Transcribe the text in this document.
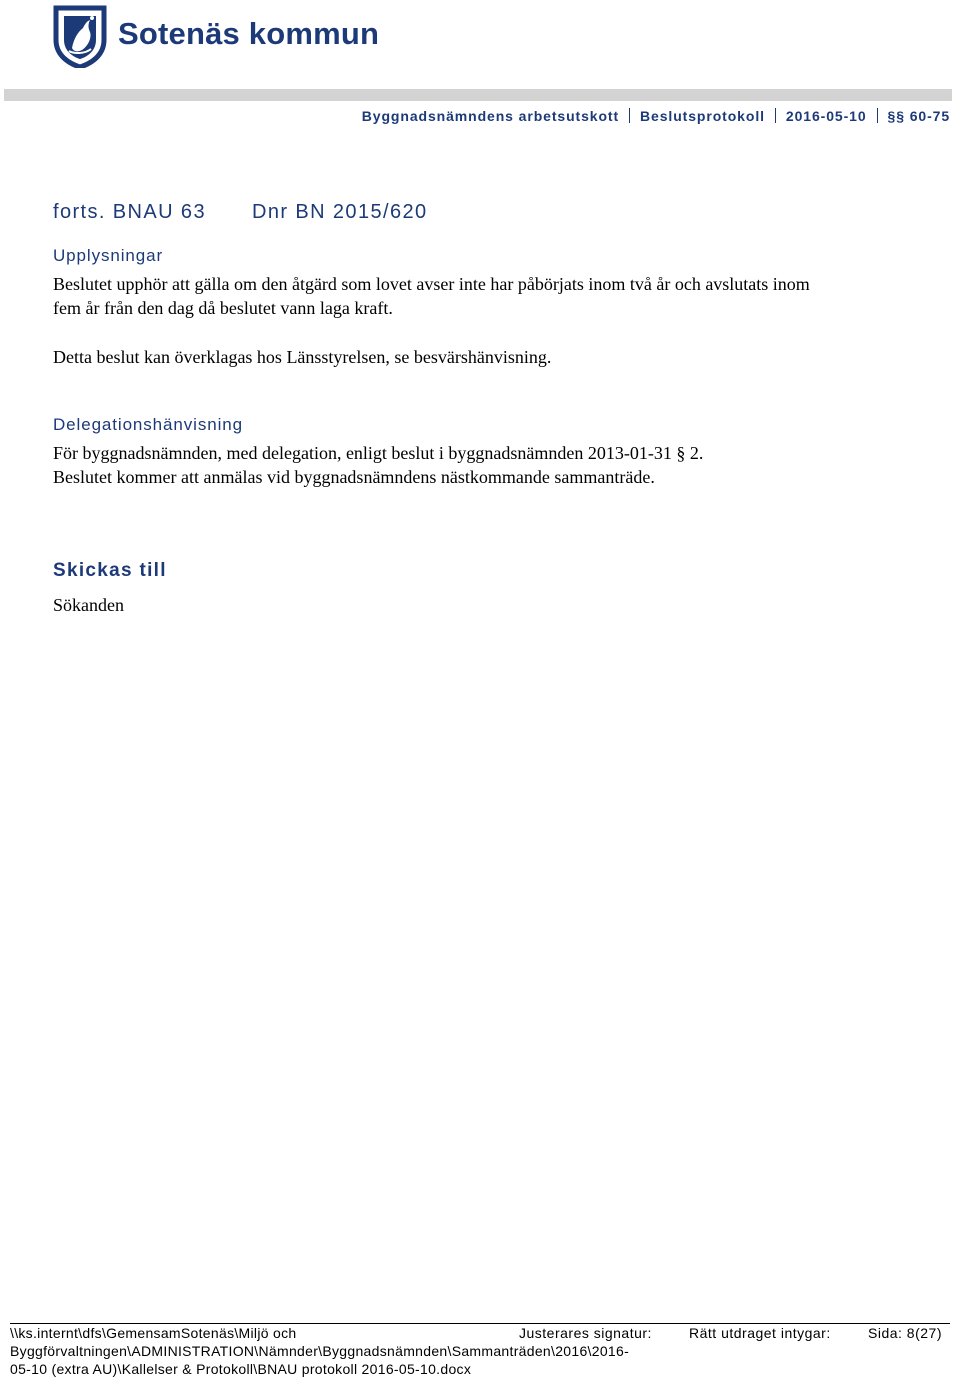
Sotenäs kommun
Byggnadsnämndens arbetsutskott Beslutsprotokoll 2016-05-10 §§ 60-75
forts. BNAU 63 Dnr BN 2015/620
Upplysningar
Beslutet upphör att gälla om den åtgärd som lovet avser inte har påbörjats inom två år och avslutats inom fem år från den dag då beslutet vann laga kraft.
Detta beslut kan överklagas hos Länsstyrelsen, se besvärshänvisning.
Delegationshänvisning
För byggnadsnämnden, med delegation, enligt beslut i byggnadsnämnden 2013-01-31 § 2.
Beslutet kommer att anmälas vid byggnadsnämndens nästkommande sammanträde.
Skickas till
Sökanden
\\ks.internt\dfs\GemensamSotenäs\Miljö och Byggförvaltningen\ADMINISTRATION\Nämnder\Byggnadsnämnden\Sammanträden\2016\2016-05-10 (extra AU)\Kallelser & Protokoll\BNAU protokoll 2016-05-10.docx
Justerares signatur:	Rätt utdraget intygar:	Sida: 8(27)
